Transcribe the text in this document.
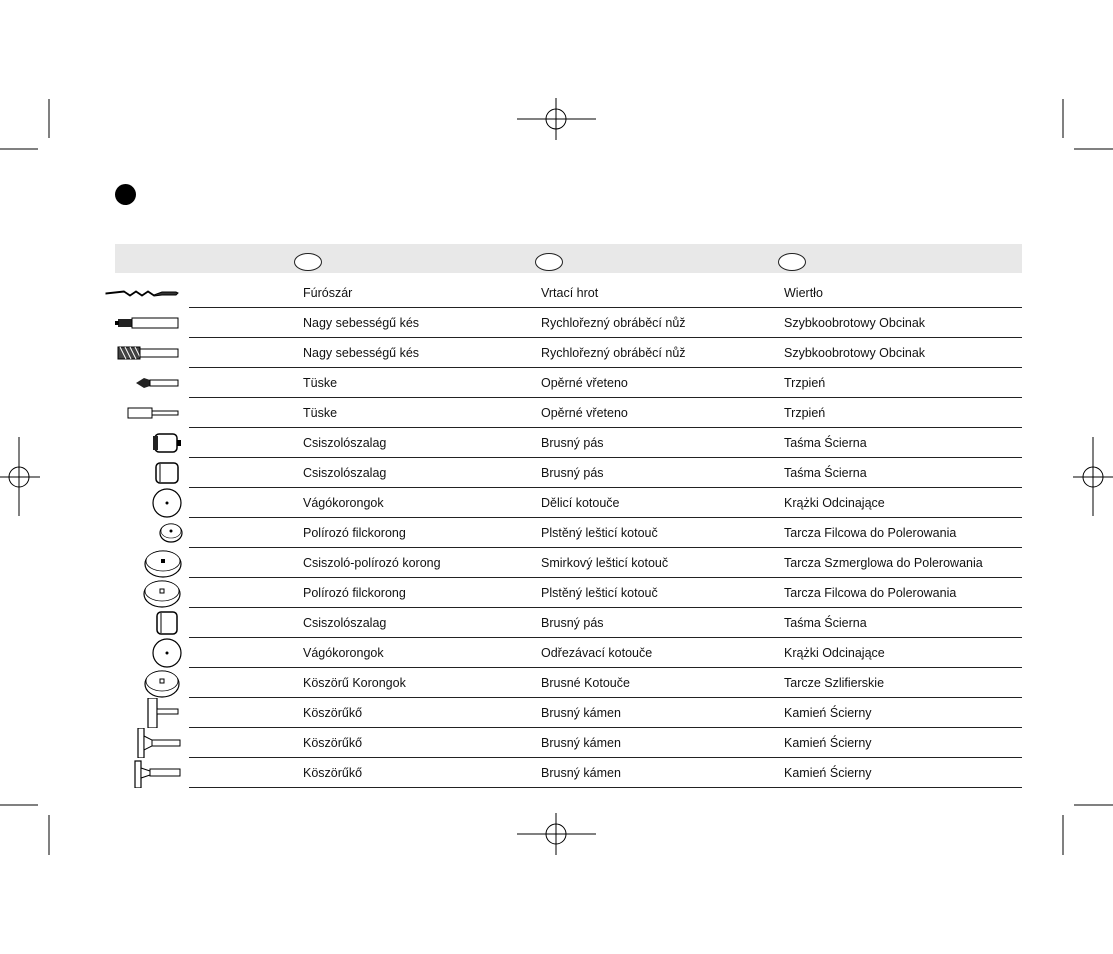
Fúrószár	Vrtací hrot	Wiertło
Nagy sebességű kés	Rychlořezný obráběcí nůž	Szybkoobrotowy Obcinak
Nagy sebességű kés	Rychlořezný obráběcí nůž	Szybkoobrotowy Obcinak
Tüske	Opěrné vřeteno	Trzpień
Tüske	Opěrné vřeteno	Trzpień
Csiszolószalag	Brusný pás	Taśma Ścierna
Csiszolószalag	Brusný pás	Taśma Ścierna
Vágókorongok	Dělicí kotouče	Krążki Odcinające
Polírozó filckorong	Plstěný lešticí kotouč	Tarcza Filcowa do Polerowania
Csiszoló-polírozó korong	Smirkový lešticí kotouč	Tarcza Szmerglowa do Polerowania
Polírozó filckorong	Plstěný lešticí kotouč	Tarcza Filcowa do Polerowania
Csiszolószalag	Brusný pás	Taśma Ścierna
Vágókorongok	Odřezávací kotouče	Krążki Odcinające
Köszörű Korongok	Brusné Kotouče	Tarcze Szlifierskie
Köszörűkő	Brusný kámen	Kamień Ścierny
Köszörűkő	Brusný kámen	Kamień Ścierny
Köszörűkő	Brusný kámen	Kamień Ścierny
